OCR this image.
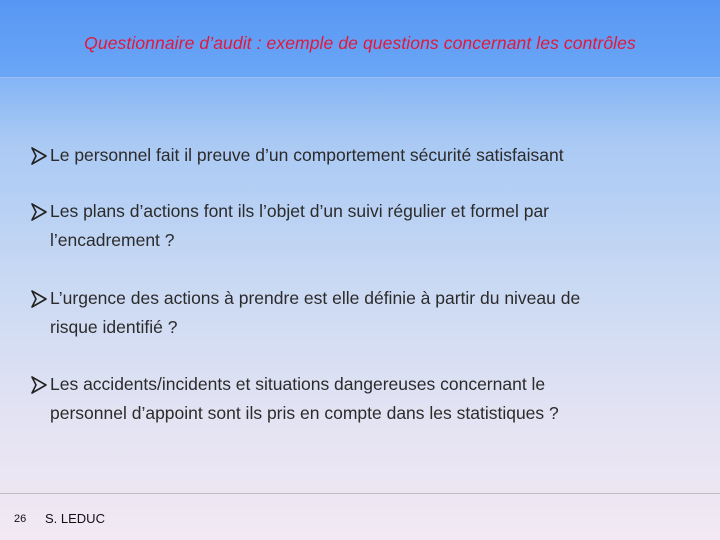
Questionnaire d’audit : exemple de questions concernant les contrôles
Le personnel fait il preuve d’un comportement sécurité satisfaisant
Les plans d’actions font ils l’objet d’un suivi régulier et formel par
l’encadrement ?
L’urgence des actions à prendre est elle définie à partir du niveau de
risque identifié ?
Les accidents/incidents et situations dangereuses concernant le
personnel d’appoint sont ils pris en compte dans les statistiques ?
26 S. LEDUC
